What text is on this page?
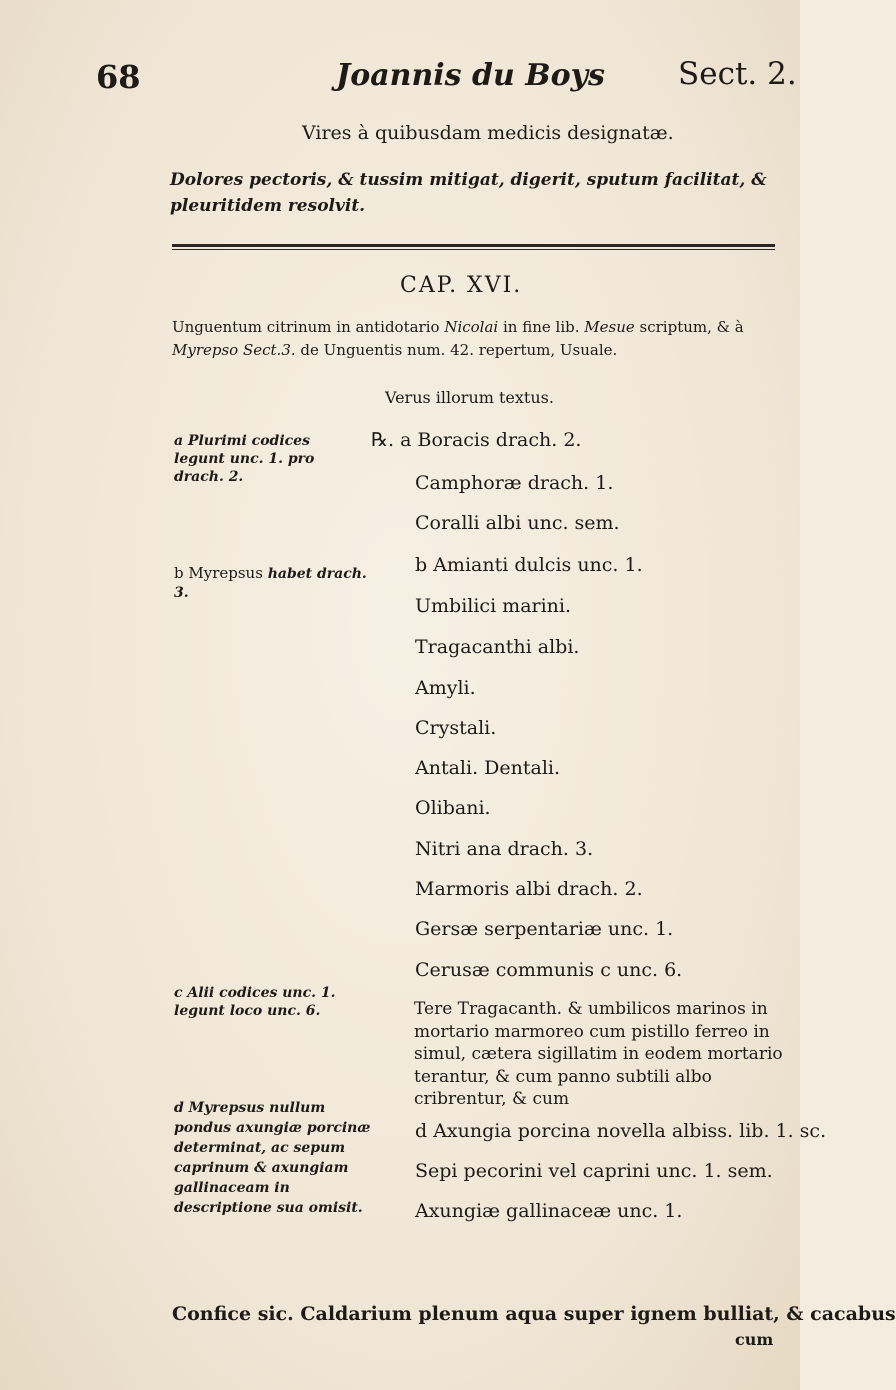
68	Joannis du Boys Sect. 2.
Vires à quibusdam medicis designatæ.
Dolores pectoris, & tussim mitigat, digerit, sputum facilitat, & pleuritidem resolvit.
CAP. XVI.
Unguentum citrinum in antidotario Nicolai in fine lib. Mesue scriptum, & à Myrepso Sect.3. de Unguentis num. 42. repertum, Usuale.
Verus illorum textus.
a Plurimi codices legunt unc. 1. pro drach. 2.
b Myrepsus habet drach. 3.
c Alii codices unc. 1. legunt loco unc. 6.
d Myrepsus nullum pondus axungiæ porcinæ determinat, ac sepum caprinum & axungiam gallinaceam in descriptione sua omisit.
℞. a Boracis drach. 2.
Camphoræ drach. 1.
Coralli albi unc. sem.
b Amianti dulcis unc. 1.
Umbilici marini.
Tragacanthi albi.
Amyli.
Crystali.
Antali. Dentali.
Olibani.
Nitri ana drach. 3.
Marmoris albi drach. 2.
Gersæ serpentariæ unc. 1.
Cerusæ communis c unc. 6.
Tere Tragacanth. & umbilicos marinos in mortario marmoreo cum pistillo ferreo in simul, cætera sigillatim in eodem mortario terantur, & cum panno subtili albo cribrentur, & cum
d Axungia porcina novella albiss. lib. 1. sc.
Sepi pecorini vel caprini unc. 1. sem.
Axungiæ gallinaceæ unc. 1.
Confice sic. Caldarium plenum aqua super ignem bulliat, & cacabus
cum
